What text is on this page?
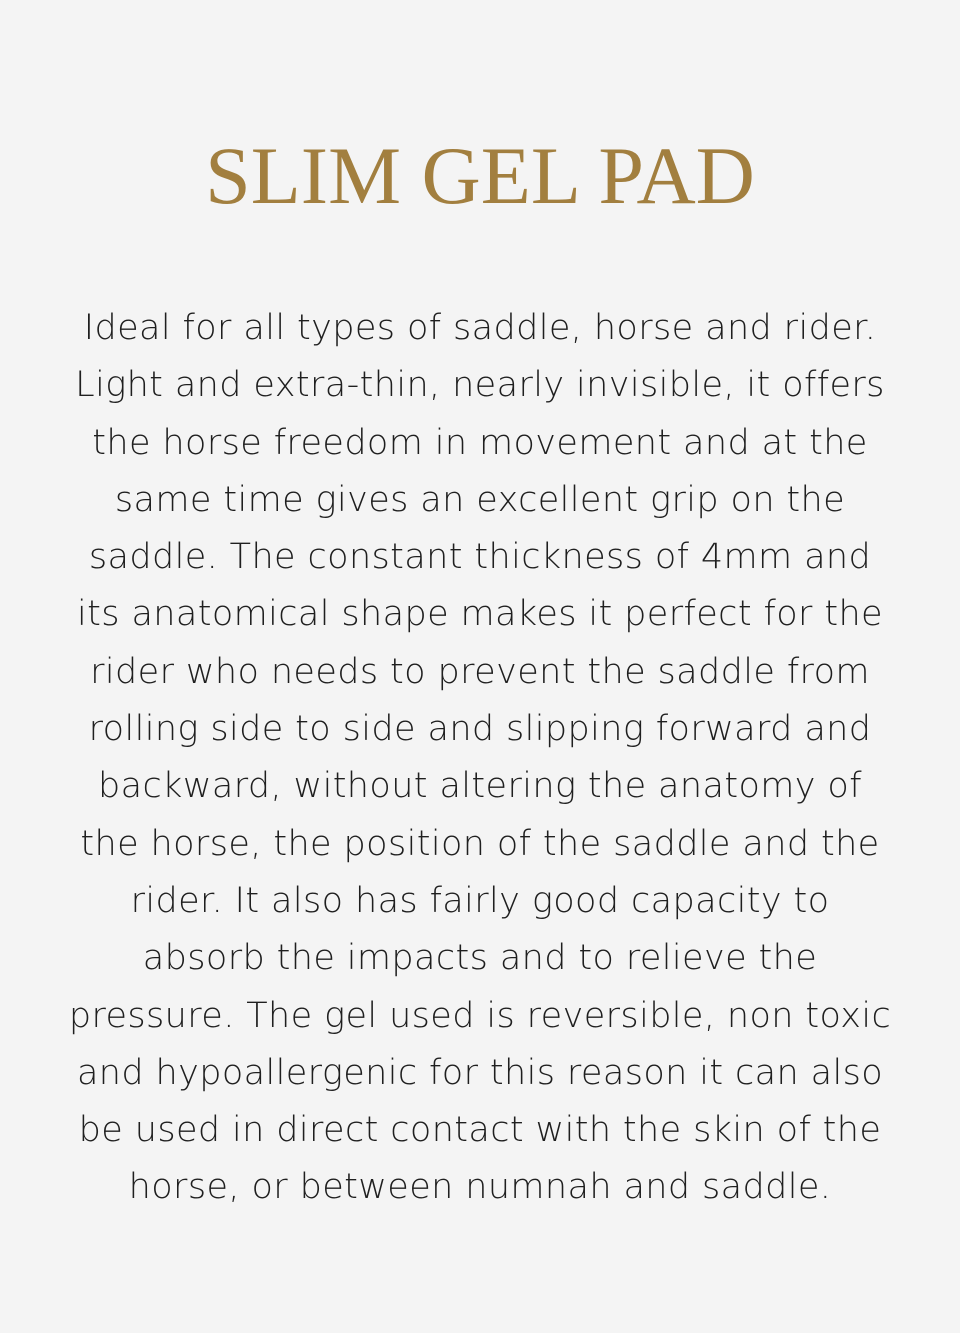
SLIM GEL PAD
Ideal for all types of saddle, horse and rider.
Light and extra-thin, nearly invisible, it offers
the horse freedom in movement and at the
same time gives an excellent grip on the
saddle. The constant thickness of 4mm and
its anatomical shape makes it perfect for the
rider who needs to prevent the saddle from
rolling side to side and slipping forward and
backward, without altering the anatomy of
the horse, the position of the saddle and the
rider. It also has fairly good capacity to
absorb the impacts and to relieve the
pressure. The gel used is reversible, non toxic
and hypoallergenic for this reason it can also
be used in direct contact with the skin of the
horse, or between numnah and saddle.
